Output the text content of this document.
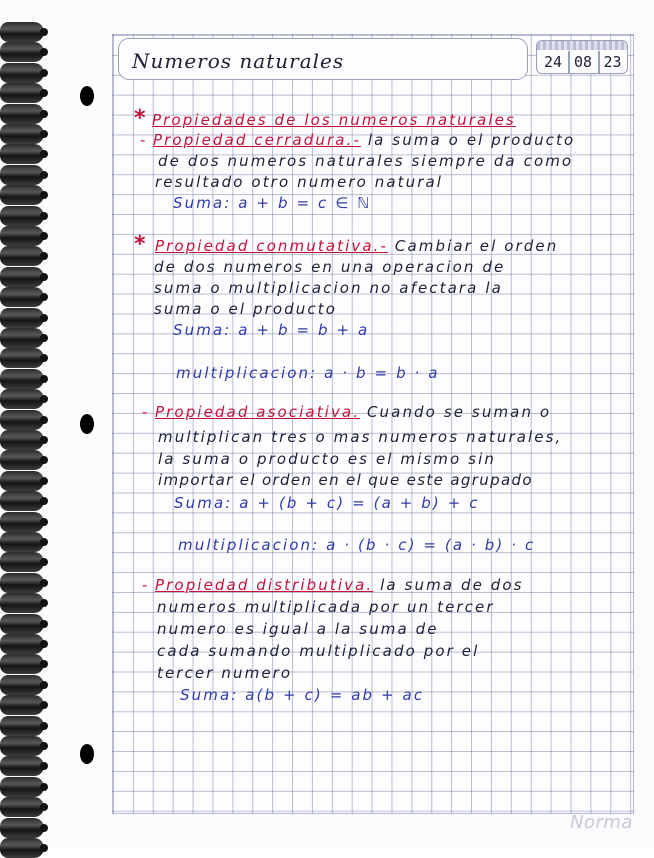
Numeros naturales	24 08 23
* Propiedades de los numeros naturales
- Propiedad cerradura.- la suma o el producto
de dos numeros naturales siempre da como
resultado otro numero natural
Suma: a + b = c ∈ ℕ
* Propiedad conmutativa.- Cambiar el orden
de dos numeros en una operacion de
suma o multiplicacion no afectara la
suma o el producto
Suma: a + b = b + a
multiplicacion: a · b = b · a
- Propiedad asociativa. Cuando se suman o
multiplican tres o mas numeros naturales,
la suma o producto es el mismo sin
importar el orden en el que este agrupado
Suma: a + (b + c) = (a + b) + c
multiplicacion: a · (b · c) = (a · b) · c
- Propiedad distributiva. la suma de dos
numeros multiplicada por un tercer
numero es igual a la suma de
cada sumando multiplicado por el
tercer numero
Suma: a(b + c) = ab + ac
Norma
